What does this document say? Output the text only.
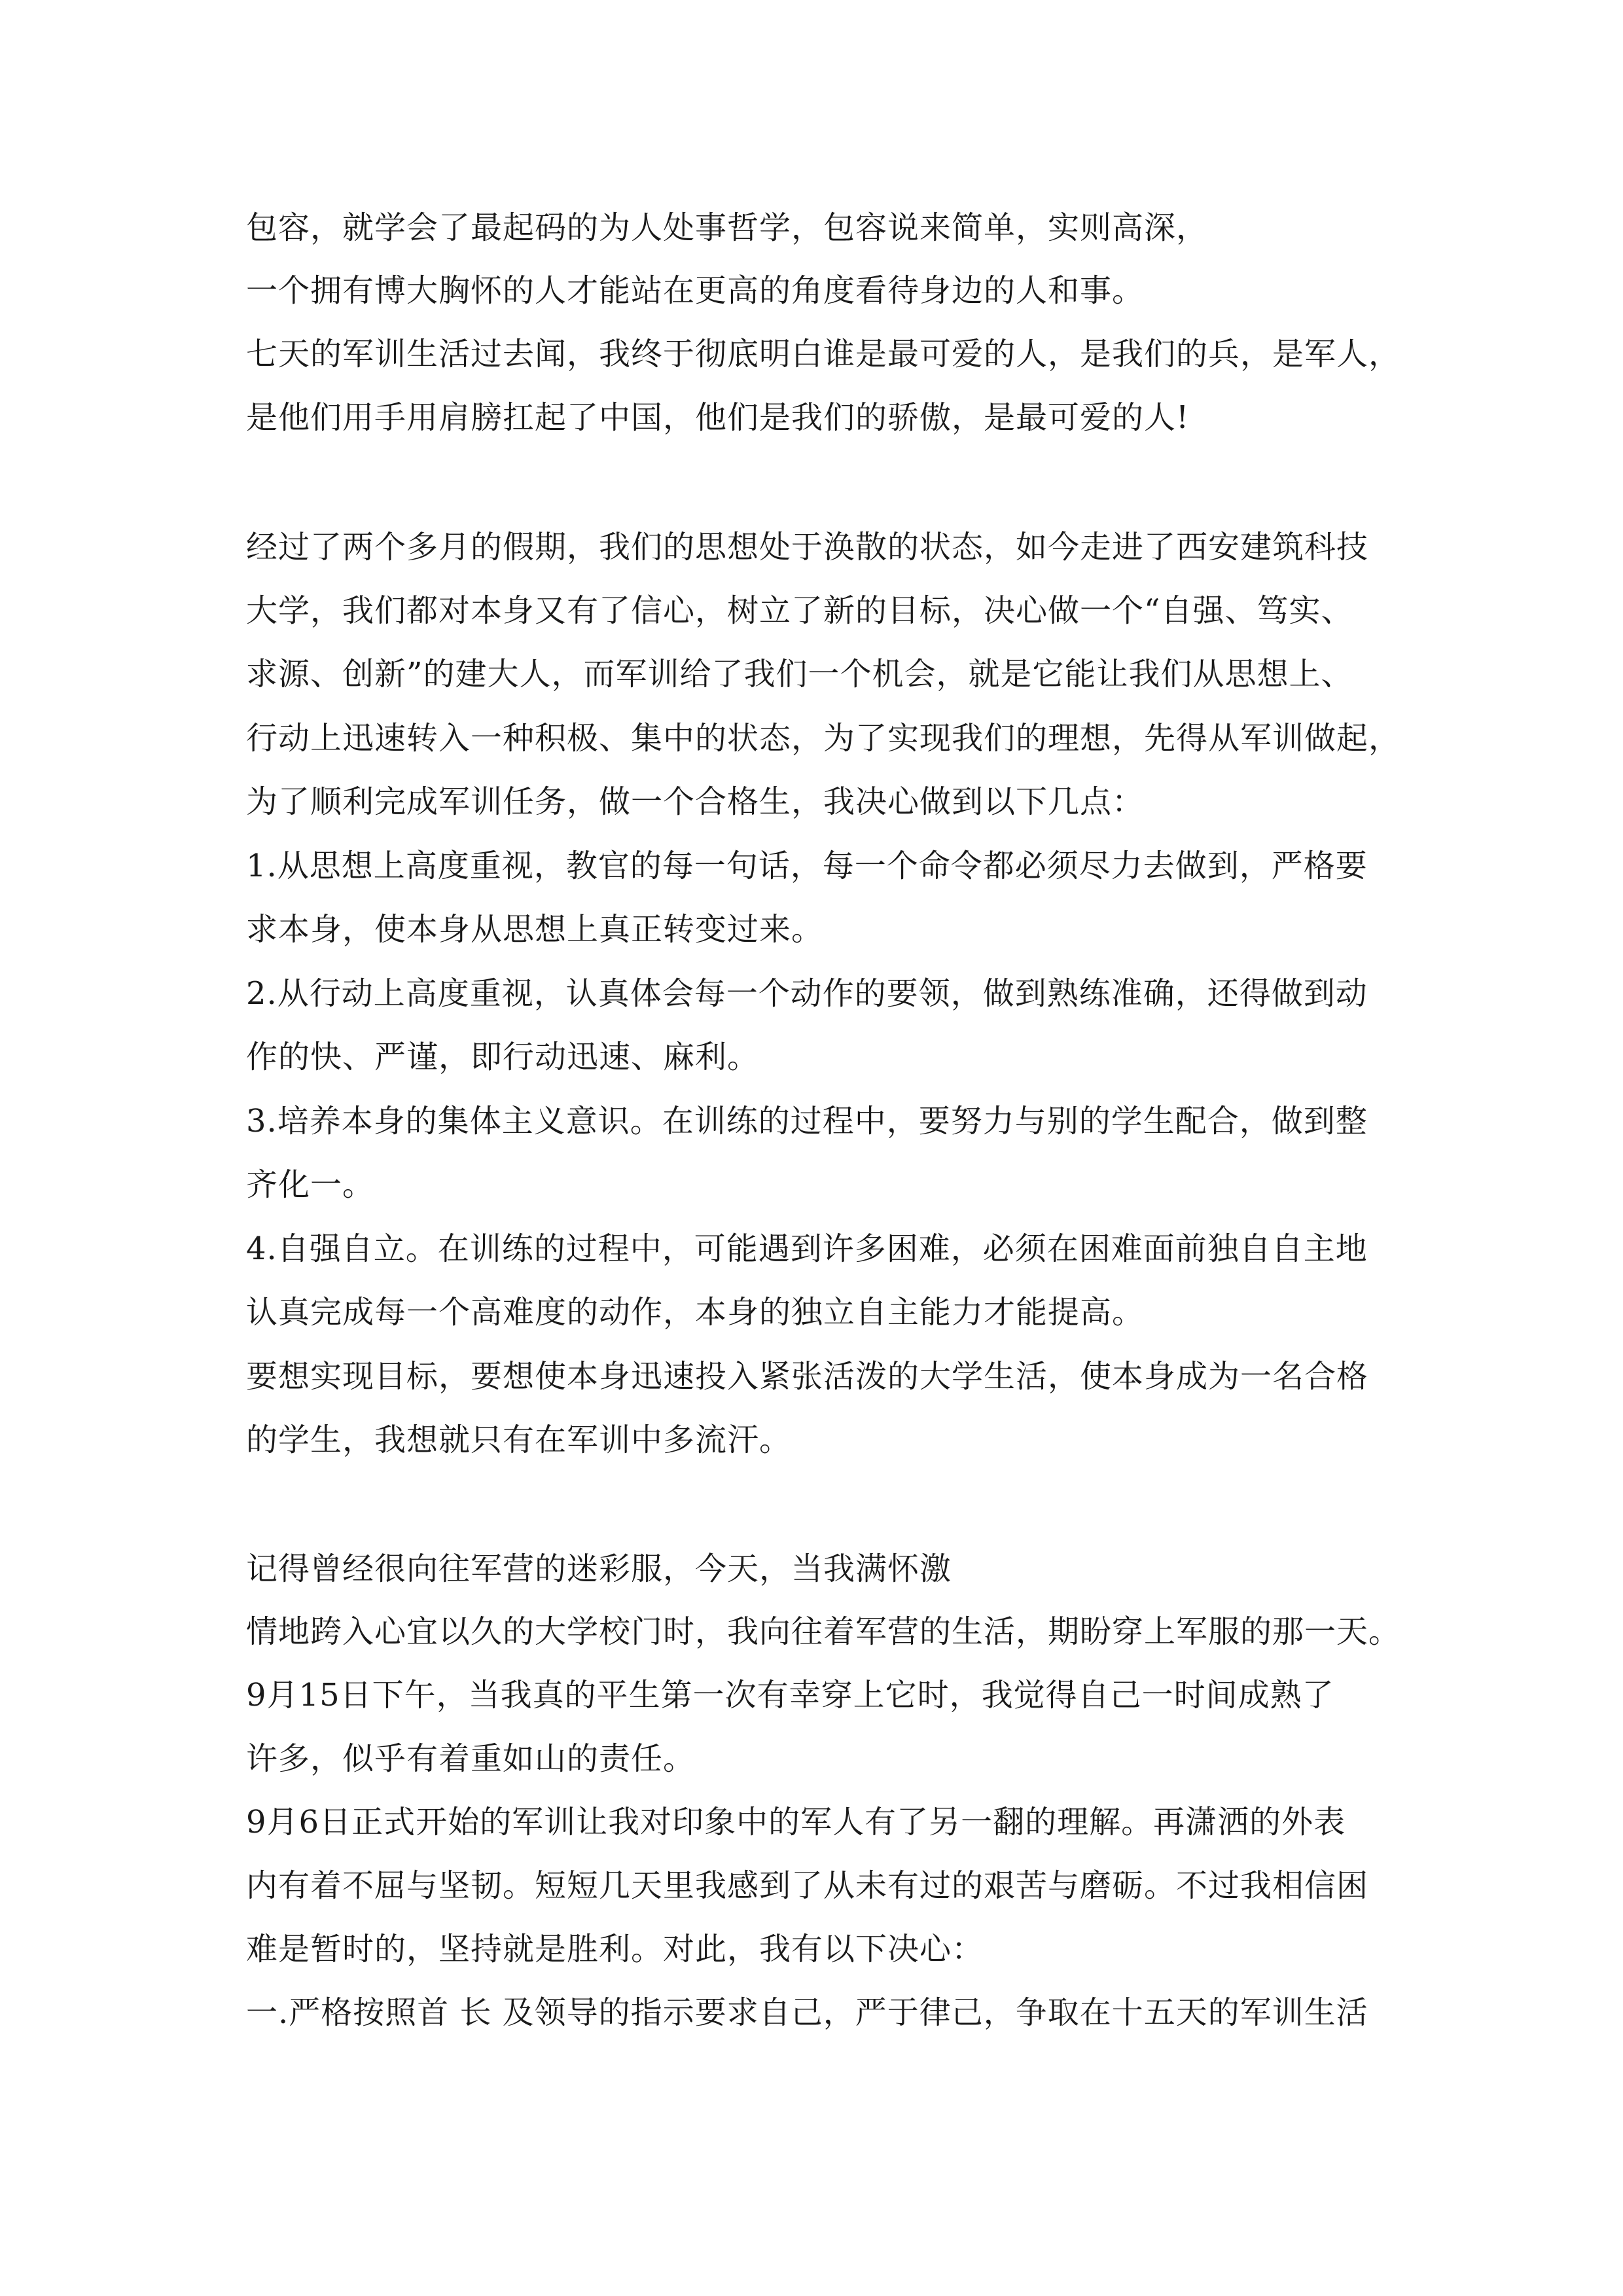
包容，就学会了最起码的为人处事哲学，包容说来简单，实则高深，

一个拥有博大胸怀的人才能站在更高的角度看待身边的人和事。

七天的军训生活过去闻，我终于彻底明白谁是最可爱的人，是我们的兵，是军人，

是他们用手用肩膀扛起了中国，他们是我们的骄傲，是最可爱的人!

经过了两个多月的假期，我们的思想处于涣散的状态，如今走进了西安建筑科技

大学，我们都对本身又有了信心，树立了新的目标，决心做一个“自强、笃实、

求源、创新”的建大人，而军训给了我们一个机会，就是它能让我们从思想上、

行动上迅速转入一种积极、集中的状态，为了实现我们的理想，先得从军训做起，

为了顺利完成军训任务，做一个合格生，我决心做到以下几点：

1.从思想上高度重视，教官的每一句话，每一个命令都必须尽力去做到，严格要

求本身，使本身从思想上真正转变过来。

2.从行动上高度重视，认真体会每一个动作的要领，做到熟练准确，还得做到动

作的快、严谨，即行动迅速、麻利。

3.培养本身的集体主义意识。在训练的过程中，要努力与别的学生配合，做到整

齐化一。

4.自强自立。在训练的过程中，可能遇到许多困难，必须在困难面前独自自主地

认真完成每一个高难度的动作，本身的独立自主能力才能提高。

要想实现目标，要想使本身迅速投入紧张活泼的大学生活，使本身成为一名合格

的学生，我想就只有在军训中多流汗。

记得曾经很向往军营的迷彩服，今天，当我满怀激

情地跨入心宜以久的大学校门时，我向往着军营的生活，期盼穿上军服的那一天。

9月15日下午，当我真的平生第一次有幸穿上它时，我觉得自己一时间成熟了

许多，似乎有着重如山的责任。

9月6日正式开始的军训让我对印象中的军人有了另一翻的理解。再潇洒的外表

内有着不屈与坚韧。短短几天里我感到了从未有过的艰苦与磨砺。不过我相信困

难是暂时的，坚持就是胜利。对此，我有以下决心：

一.严格按照首 长 及领导的指示要求自己，严于律己，争取在十五天的军训生活
